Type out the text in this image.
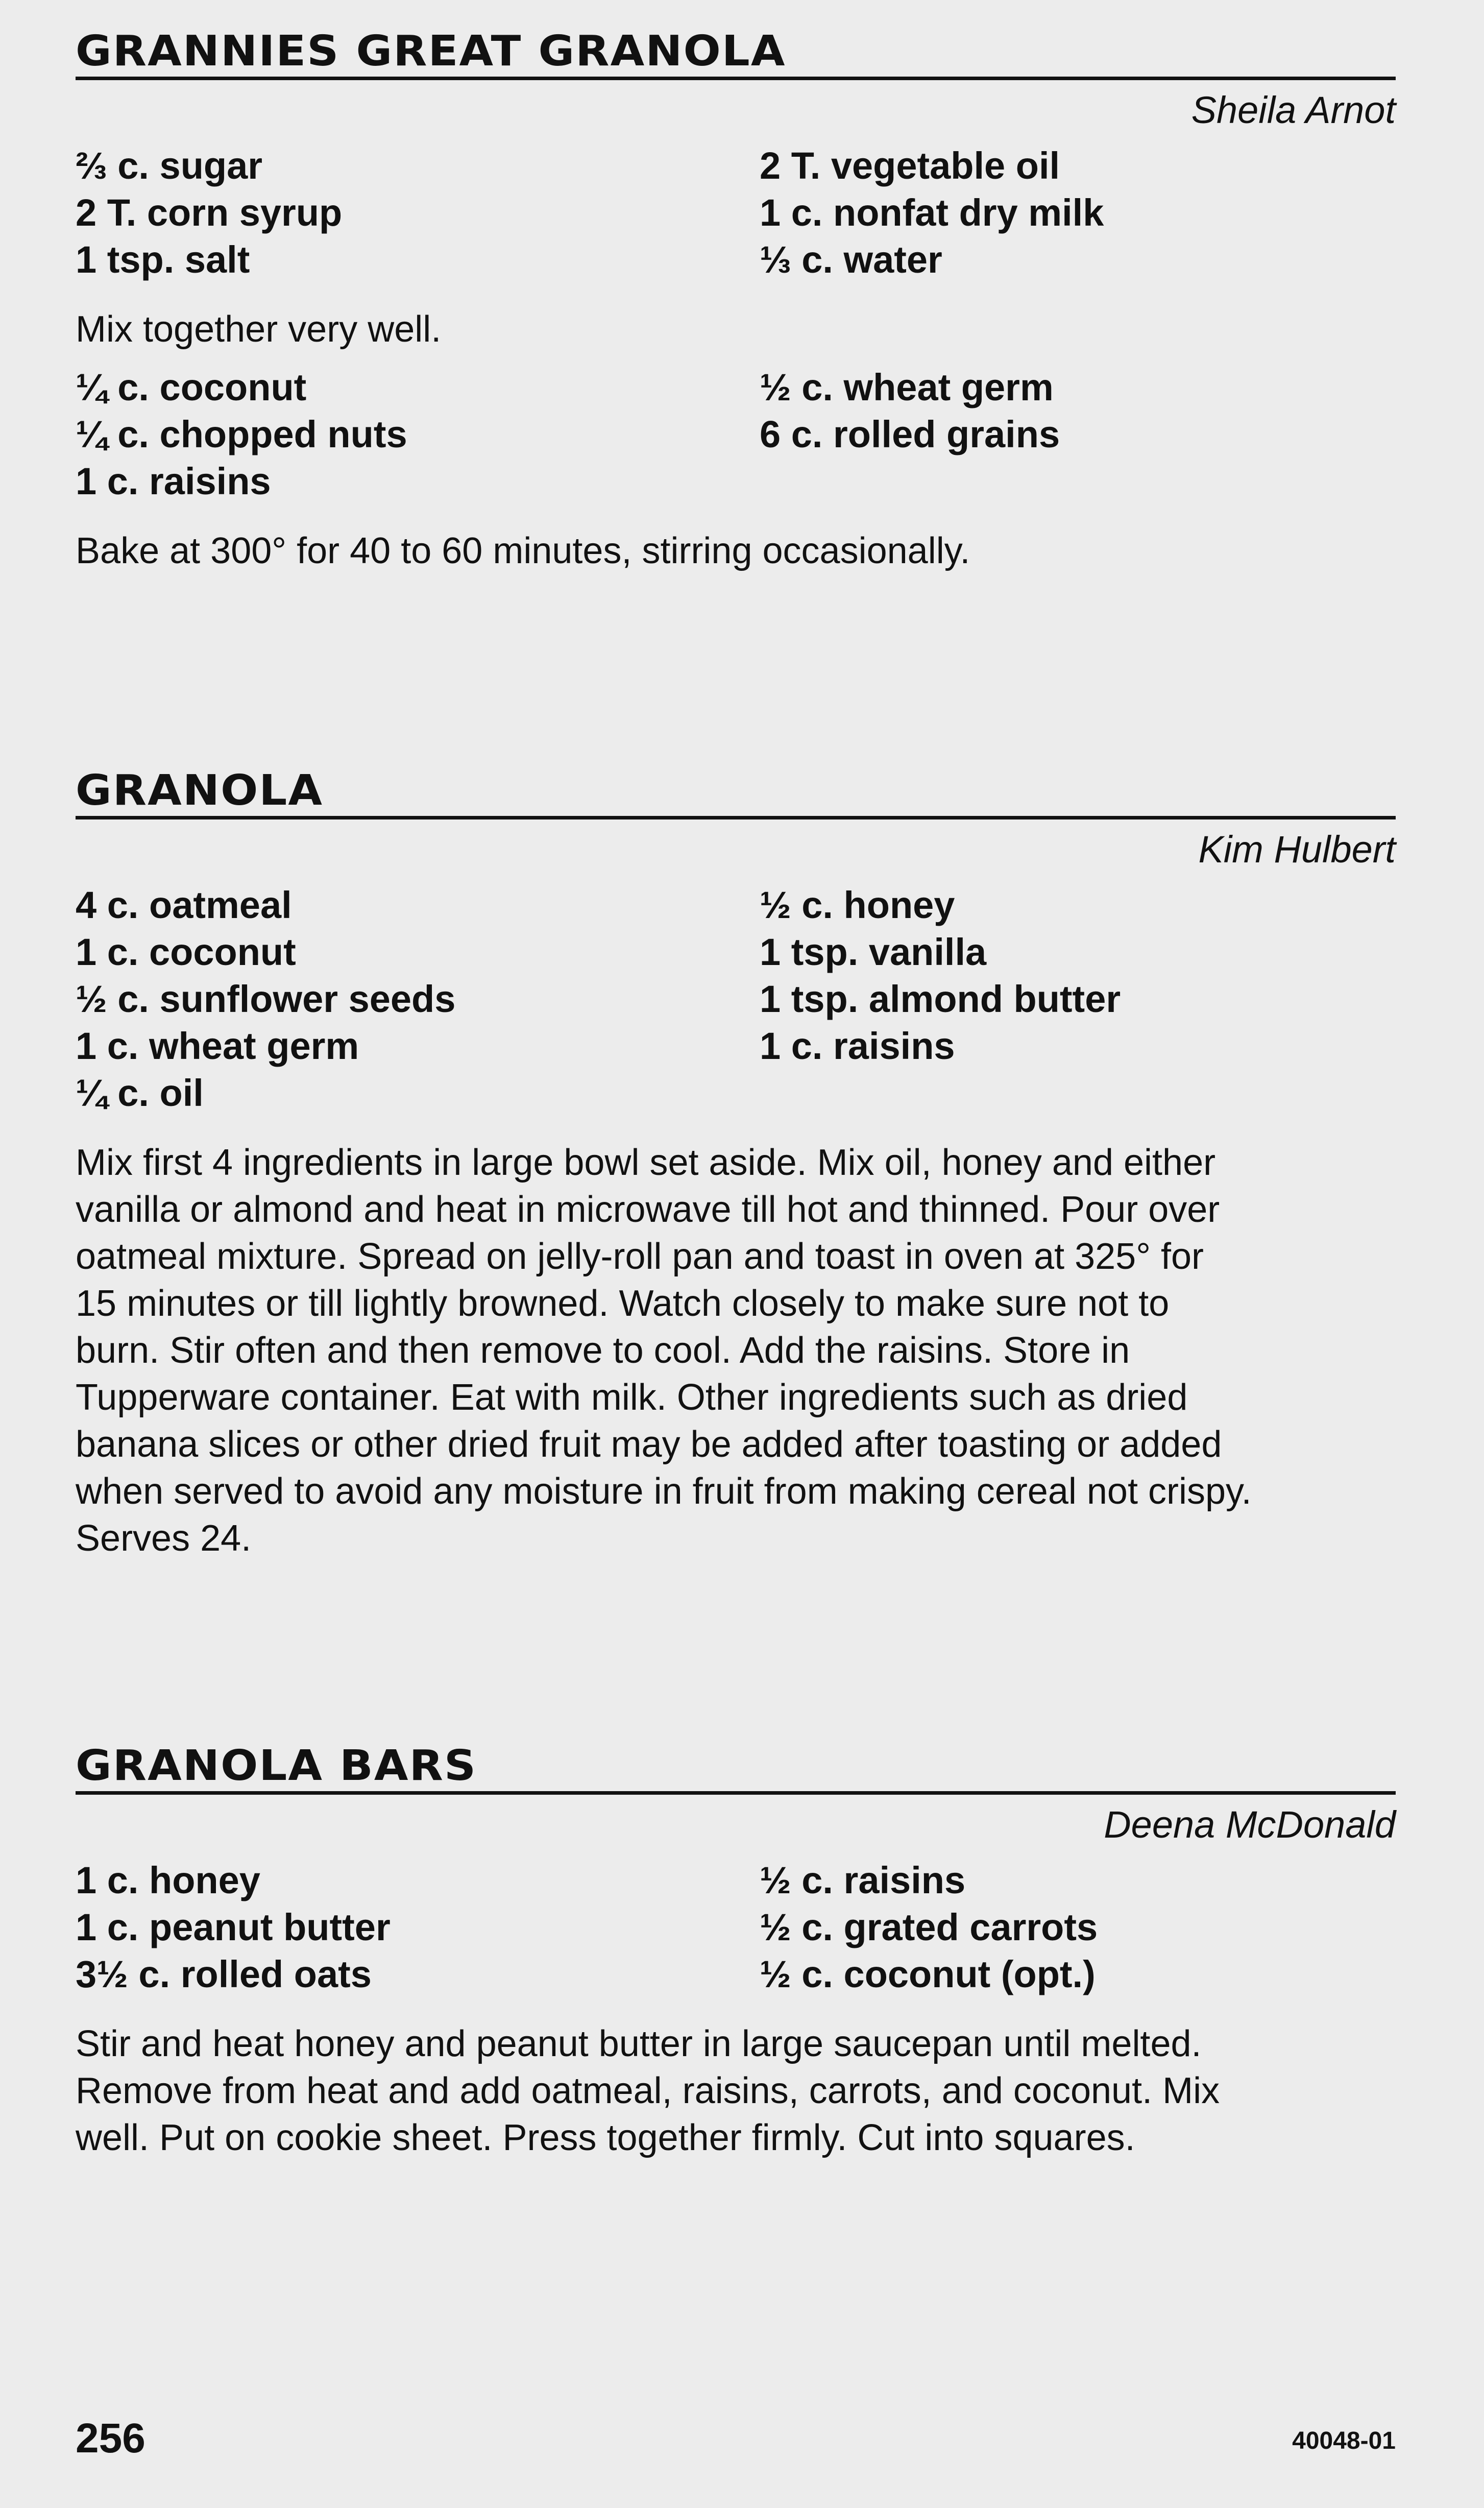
GRANNIES GREAT GRANOLA
Sheila Arnot
⅔ c. sugar
2 T. corn syrup
1 tsp. salt
2 T. vegetable oil
1 c. nonfat dry milk
⅓ c. water

Mix together very well.

¼ c. coconut
¼ c. chopped nuts
1 c. raisins
½ c. wheat germ
6 c. rolled grains

Bake at 300° for 40 to 60 minutes, stirring occasionally.

GRANOLA
Kim Hulbert
4 c. oatmeal
1 c. coconut
½ c. sunflower seeds
1 c. wheat germ
¼ c. oil
½ c. honey
1 tsp. vanilla
1 tsp. almond butter
1 c. raisins
Mix first 4 ingredients in large bowl set aside. Mix oil, honey and either
vanilla or almond and heat in microwave till hot and thinned. Pour over
oatmeal mixture. Spread on jelly-roll pan and toast in oven at 325° for
15 minutes or till lightly browned. Watch closely to make sure not to
burn. Stir often and then remove to cool. Add the raisins. Store in
Tupperware container. Eat with milk. Other ingredients such as dried
banana slices or other dried fruit may be added after toasting or added
when served to avoid any moisture in fruit from making cereal not crispy.
Serves 24.
GRANOLA BARS
Deena McDonald
1 c. honey
1 c. peanut butter
3½ c. rolled oats
½ c. raisins
½ c. grated carrots
½ c. coconut (opt.)
Stir and heat honey and peanut butter in large saucepan until melted.
Remove from heat and add oatmeal, raisins, carrots, and coconut. Mix
well. Put on cookie sheet. Press together firmly. Cut into squares.
256	40048-01
